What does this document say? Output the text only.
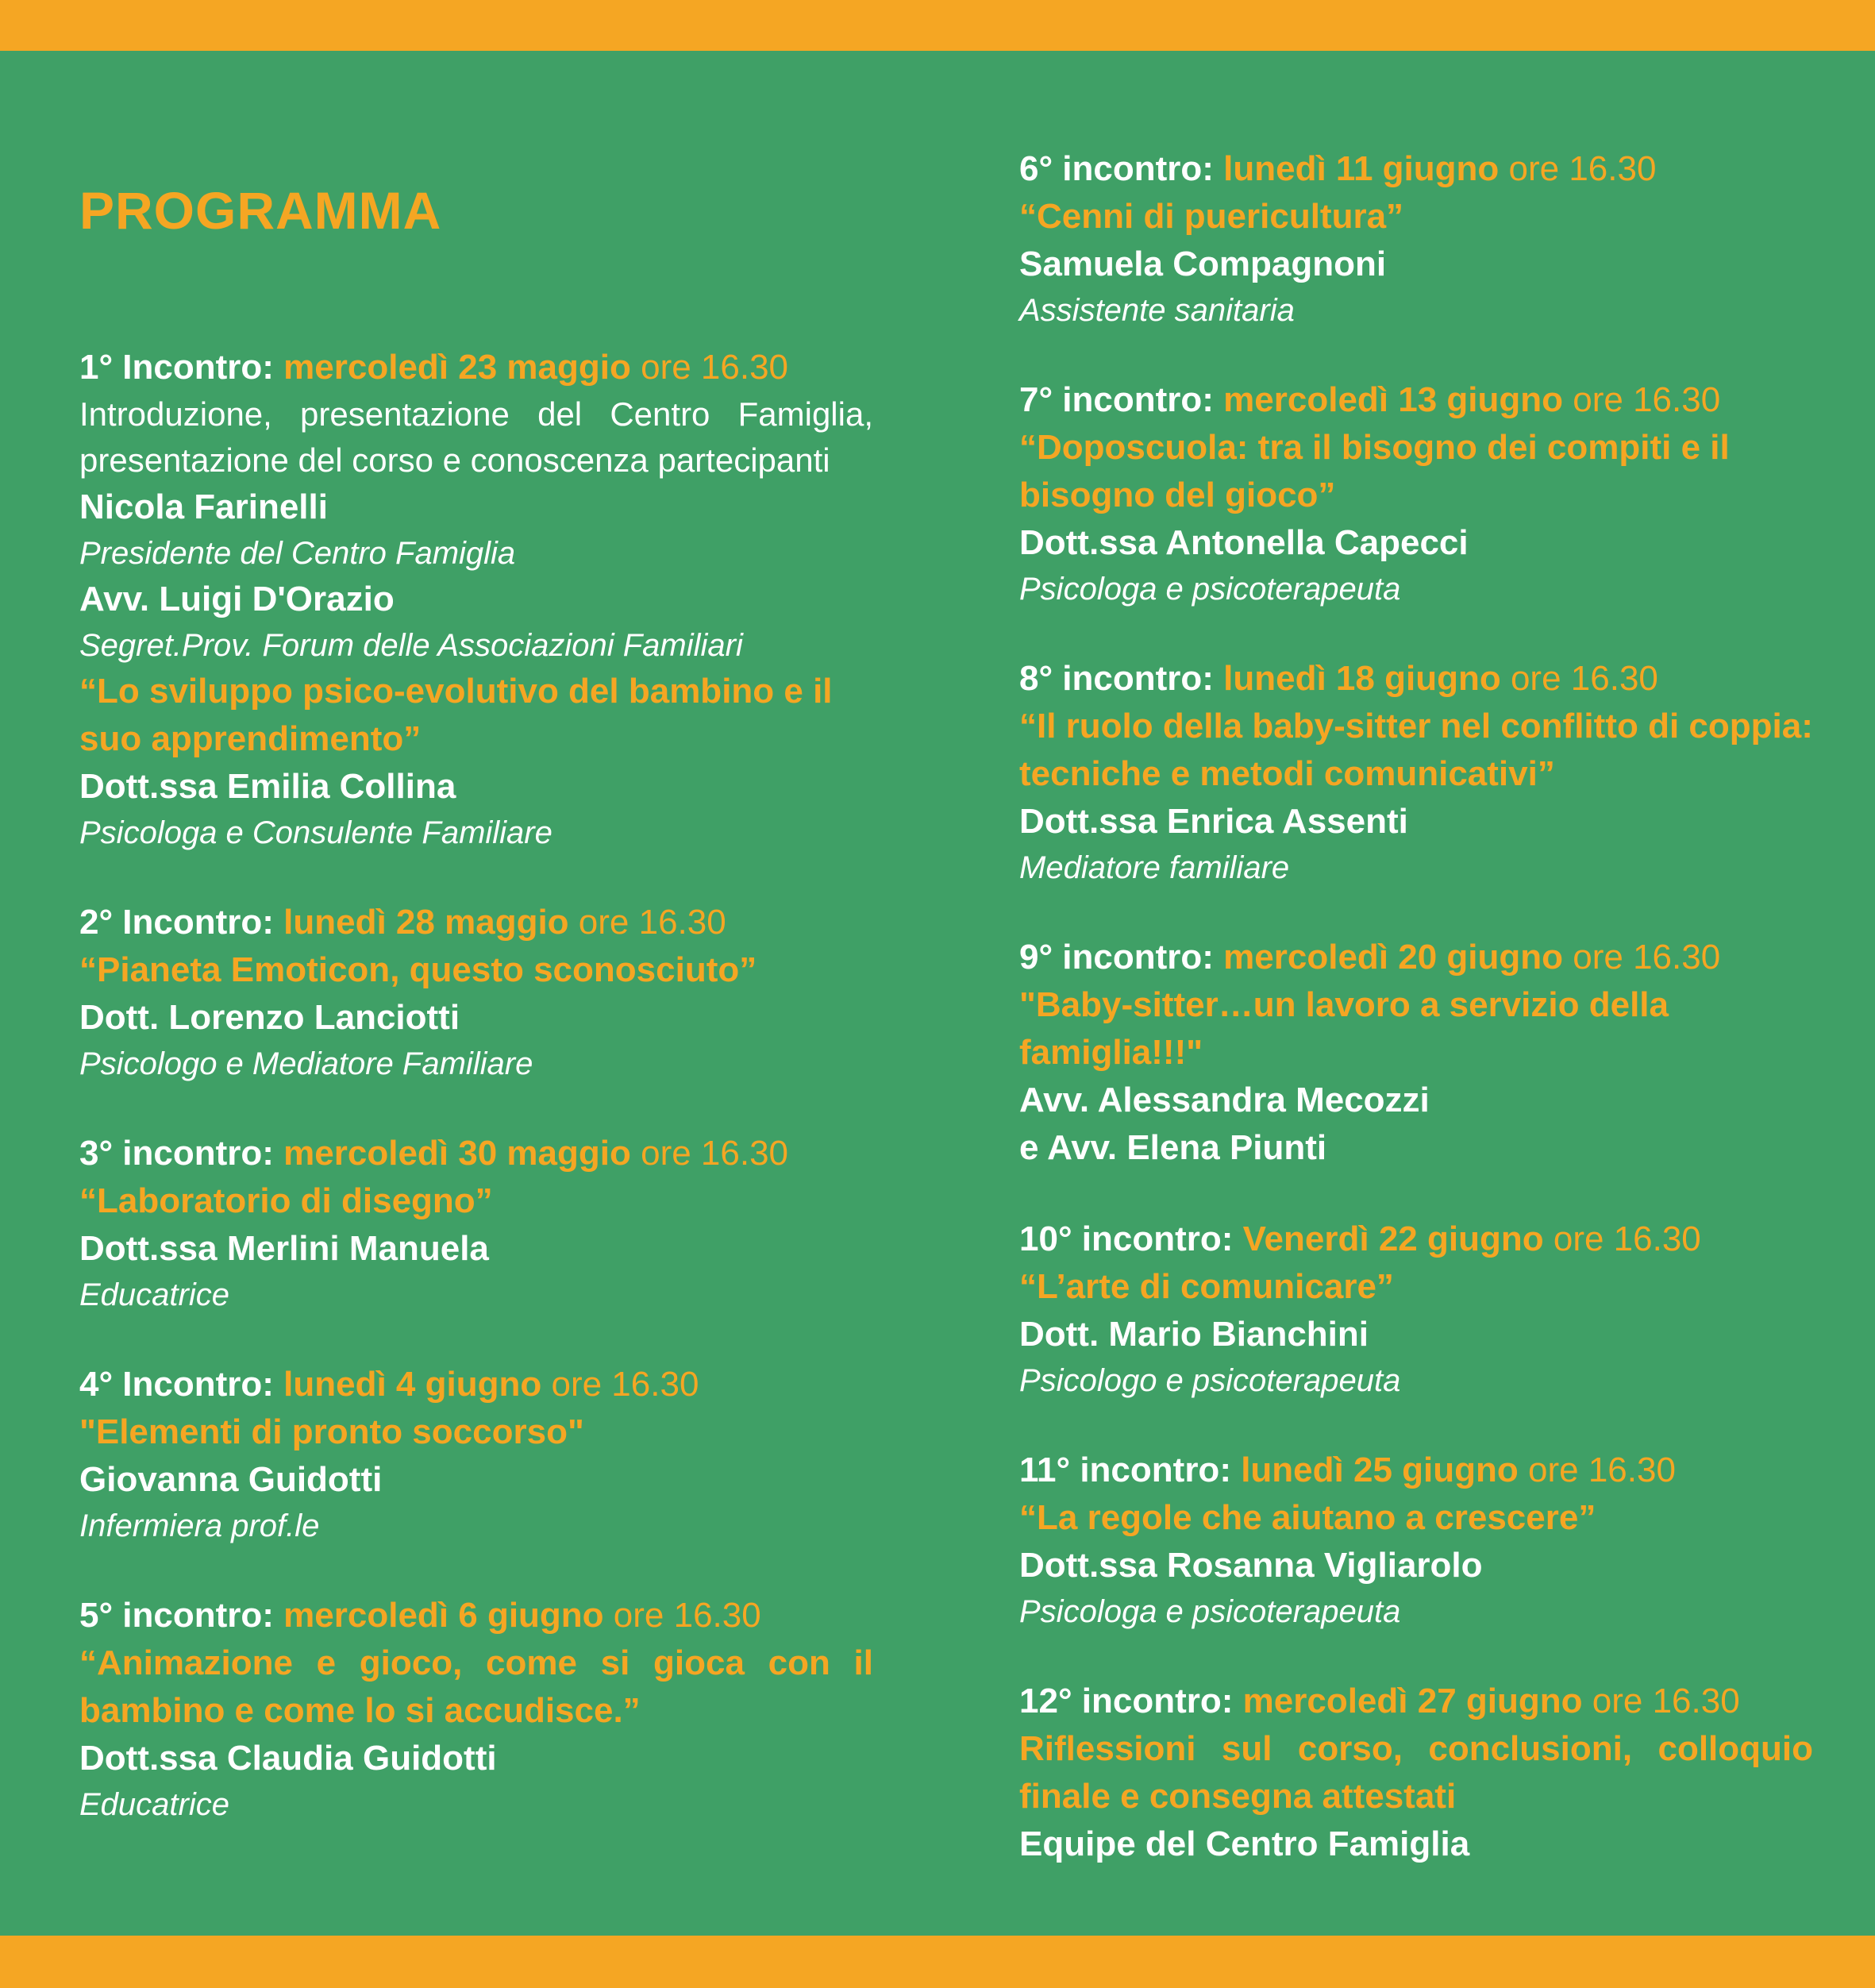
PROGRAMMA

1° Incontro: mercoledì 23 maggio ore 16.30

Introduzione, presentazione del Centro Famiglia, presentazione del corso e conoscenza partecipanti

Nicola Farinelli

Presidente del Centro Famiglia

Avv. Luigi D'Orazio

Segret.Prov. Forum delle Associazioni Familiari

“Lo sviluppo psico-evolutivo del bambino e il suo apprendimento”

Dott.ssa Emilia Collina

Psicologa e Consulente Familiare

2° Incontro: lunedì 28 maggio ore 16.30

“Pianeta Emoticon, questo sconosciuto”

Dott. Lorenzo Lanciotti

Psicologo e Mediatore Familiare

3° incontro: mercoledì 30 maggio ore 16.30

“Laboratorio di disegno”

Dott.ssa Merlini Manuela

Educatrice

4° Incontro: lunedì 4 giugno ore 16.30

"Elementi di pronto soccorso"

Giovanna Guidotti

Infermiera prof.le

5° incontro: mercoledì 6 giugno ore 16.30

“Animazione e gioco, come si gioca con il bambino e come lo si accudisce.”

Dott.ssa Claudia Guidotti

Educatrice

6° incontro: lunedì 11 giugno ore 16.30

“Cenni di puericultura”

Samuela Compagnoni

Assistente sanitaria

7° incontro: mercoledì 13 giugno ore 16.30

“Doposcuola: tra il bisogno dei compiti e il bisogno del gioco”

Dott.ssa Antonella Capecci

Psicologa e psicoterapeuta

8° incontro: lunedì 18 giugno ore 16.30

“Il ruolo della baby-sitter nel conflitto di coppia: tecniche e metodi comunicativi”

Dott.ssa Enrica Assenti

Mediatore familiare

9° incontro: mercoledì 20 giugno ore 16.30

"Baby-sitter…un lavoro a servizio della famiglia!!!"

Avv. Alessandra Mecozzi

e Avv. Elena Piunti

10° incontro: Venerdì 22 giugno ore 16.30

“L’arte di comunicare”

Dott. Mario Bianchini

Psicologo e psicoterapeuta

11° incontro: lunedì 25 giugno ore 16.30

“La regole che aiutano a crescere”

Dott.ssa Rosanna Vigliarolo

Psicologa e psicoterapeuta

12° incontro: mercoledì 27 giugno ore 16.30

Riflessioni sul corso, conclusioni, colloquio finale e consegna attestati

Equipe del Centro Famiglia
